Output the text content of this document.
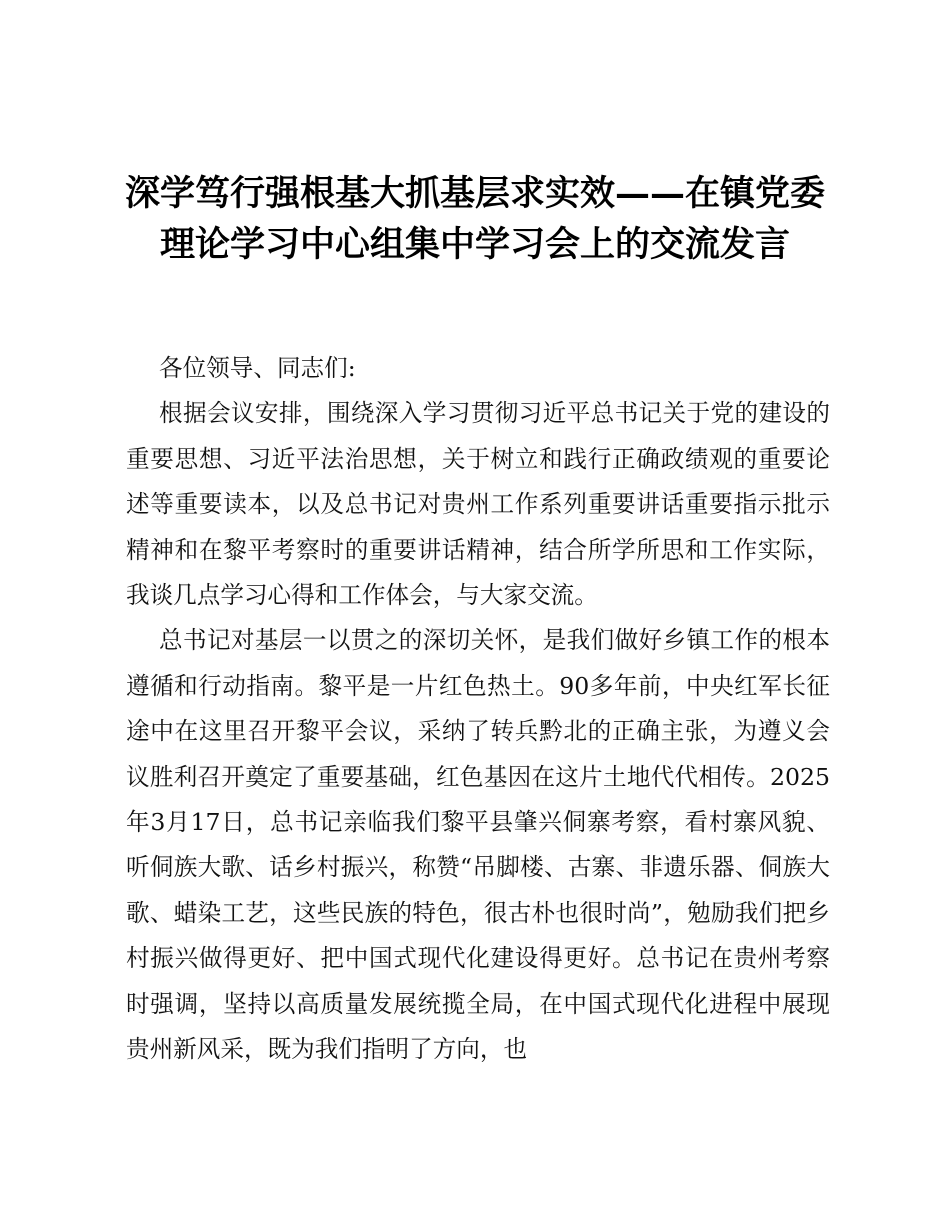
深学笃行强根基大抓基层求实效——在镇党委理论学习中心组集中学习会上的交流发言

各位领导、同志们:

根据会议安排，围绕深入学习贯彻习近平总书记关于党的建设的重要思想、习近平法治思想，关于树立和践行正确政绩观的重要论述等重要读本，以及总书记对贵州工作系列重要讲话重要指示批示精神和在黎平考察时的重要讲话精神，结合所学所思和工作实际，我谈几点学习心得和工作体会，与大家交流。

总书记对基层一以贯之的深切关怀，是我们做好乡镇工作的根本遵循和行动指南。黎平是一片红色热土。90多年前，中央红军长征途中在这里召开黎平会议，采纳了转兵黔北的正确主张，为遵义会议胜利召开奠定了重要基础，红色基因在这片土地代代相传。2025年3月17日，总书记亲临我们黎平县肇兴侗寨考察，看村寨风貌、听侗族大歌、话乡村振兴，称赞“吊脚楼、古寨、非遗乐器、侗族大歌、蜡染工艺，这些民族的特色，很古朴也很时尚”，勉励我们把乡村振兴做得更好、把中国式现代化建设得更好。总书记在贵州考察时强调，坚持以高质量发展统揽全局，在中国式现代化进程中展现贵州新风采，既为我们指明了方向，也
